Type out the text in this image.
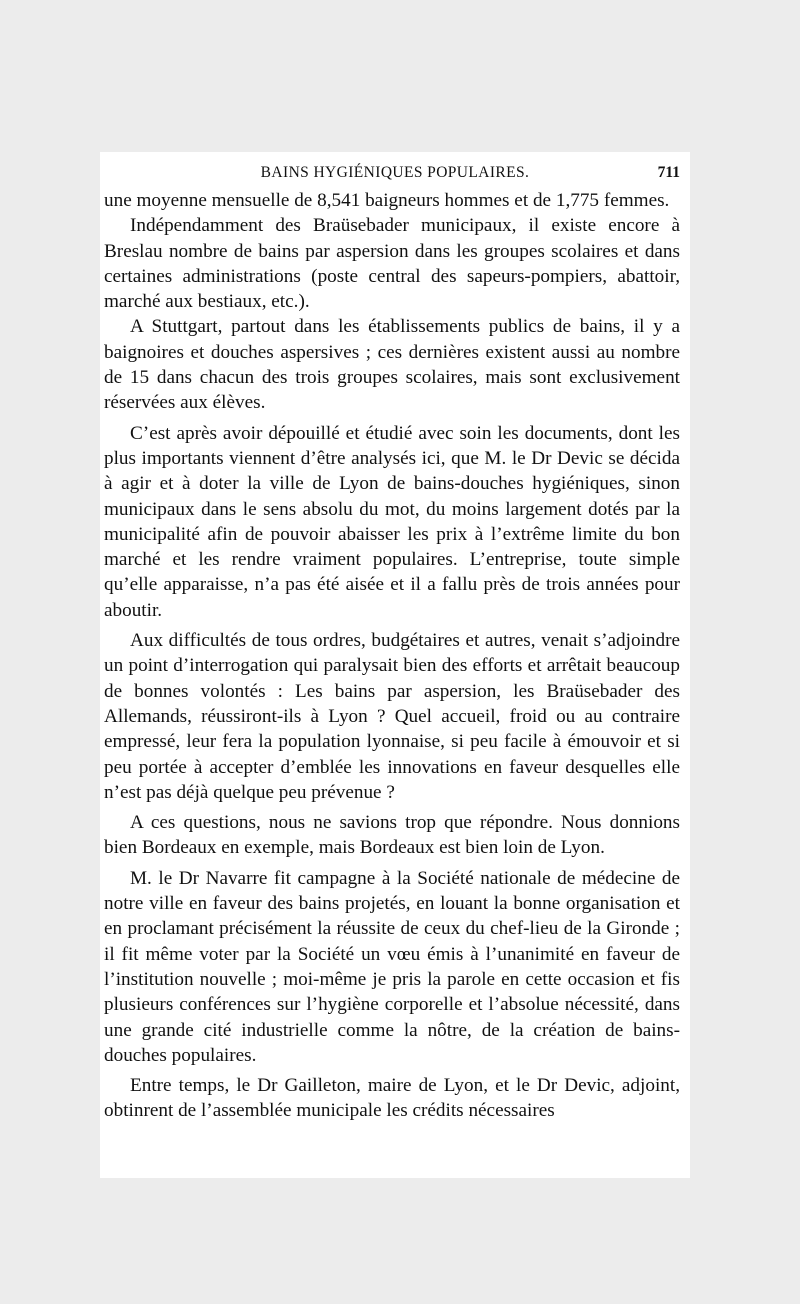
BAINS HYGIÉNIQUES POPULAIRES.	711

une moyenne mensuelle de 8,541 baigneurs hommes et de 1,775 femmes.

Indépendamment des Braüsebader municipaux, il existe encore à Breslau nombre de bains par aspersion dans les groupes scolaires et dans certaines administrations (poste central des sapeurs-pompiers, abattoir, marché aux bestiaux, etc.).

A Stuttgart, partout dans les établissements publics de bains, il y a baignoires et douches aspersives ; ces dernières existent aussi au nombre de 15 dans chacun des trois groupes scolaires, mais sont exclusivement réservées aux élèves.

C’est après avoir dépouillé et étudié avec soin les documents, dont les plus importants viennent d’être analysés ici, que M. le Dr Devic se décida à agir et à doter la ville de Lyon de bains-douches hygiéniques, sinon municipaux dans le sens absolu du mot, du moins largement dotés par la municipalité afin de pouvoir abaisser les prix à l’extrême limite du bon marché et les rendre vraiment populaires. L’entreprise, toute simple qu’elle apparaisse, n’a pas été aisée et il a fallu près de trois années pour aboutir.

Aux difficultés de tous ordres, budgétaires et autres, venait s’adjoindre un point d’interrogation qui paralysait bien des efforts et arrêtait beaucoup de bonnes volontés : Les bains par aspersion, les Braüsebader des Allemands, réussiront-ils à Lyon ? Quel accueil, froid ou au contraire empressé, leur fera la population lyonnaise, si peu facile à émouvoir et si peu portée à accepter d’emblée les innovations en faveur desquelles elle n’est pas déjà quelque peu prévenue ?

A ces questions, nous ne savions trop que répondre. Nous donnions bien Bordeaux en exemple, mais Bordeaux est bien loin de Lyon.

M. le Dr Navarre fit campagne à la Société nationale de médecine de notre ville en faveur des bains projetés, en louant la bonne organisation et en proclamant précisément la réussite de ceux du chef-lieu de la Gironde ; il fit même voter par la Société un vœu émis à l’unanimité en faveur de l’institution nouvelle ; moi-même je pris la parole en cette occasion et fis plusieurs conférences sur l’hygiène corporelle et l’absolue nécessité, dans une grande cité industrielle comme la nôtre, de la création de bains-douches populaires.

Entre temps, le Dr Gailleton, maire de Lyon, et le Dr Devic, adjoint, obtinrent de l’assemblée municipale les crédits nécessaires
